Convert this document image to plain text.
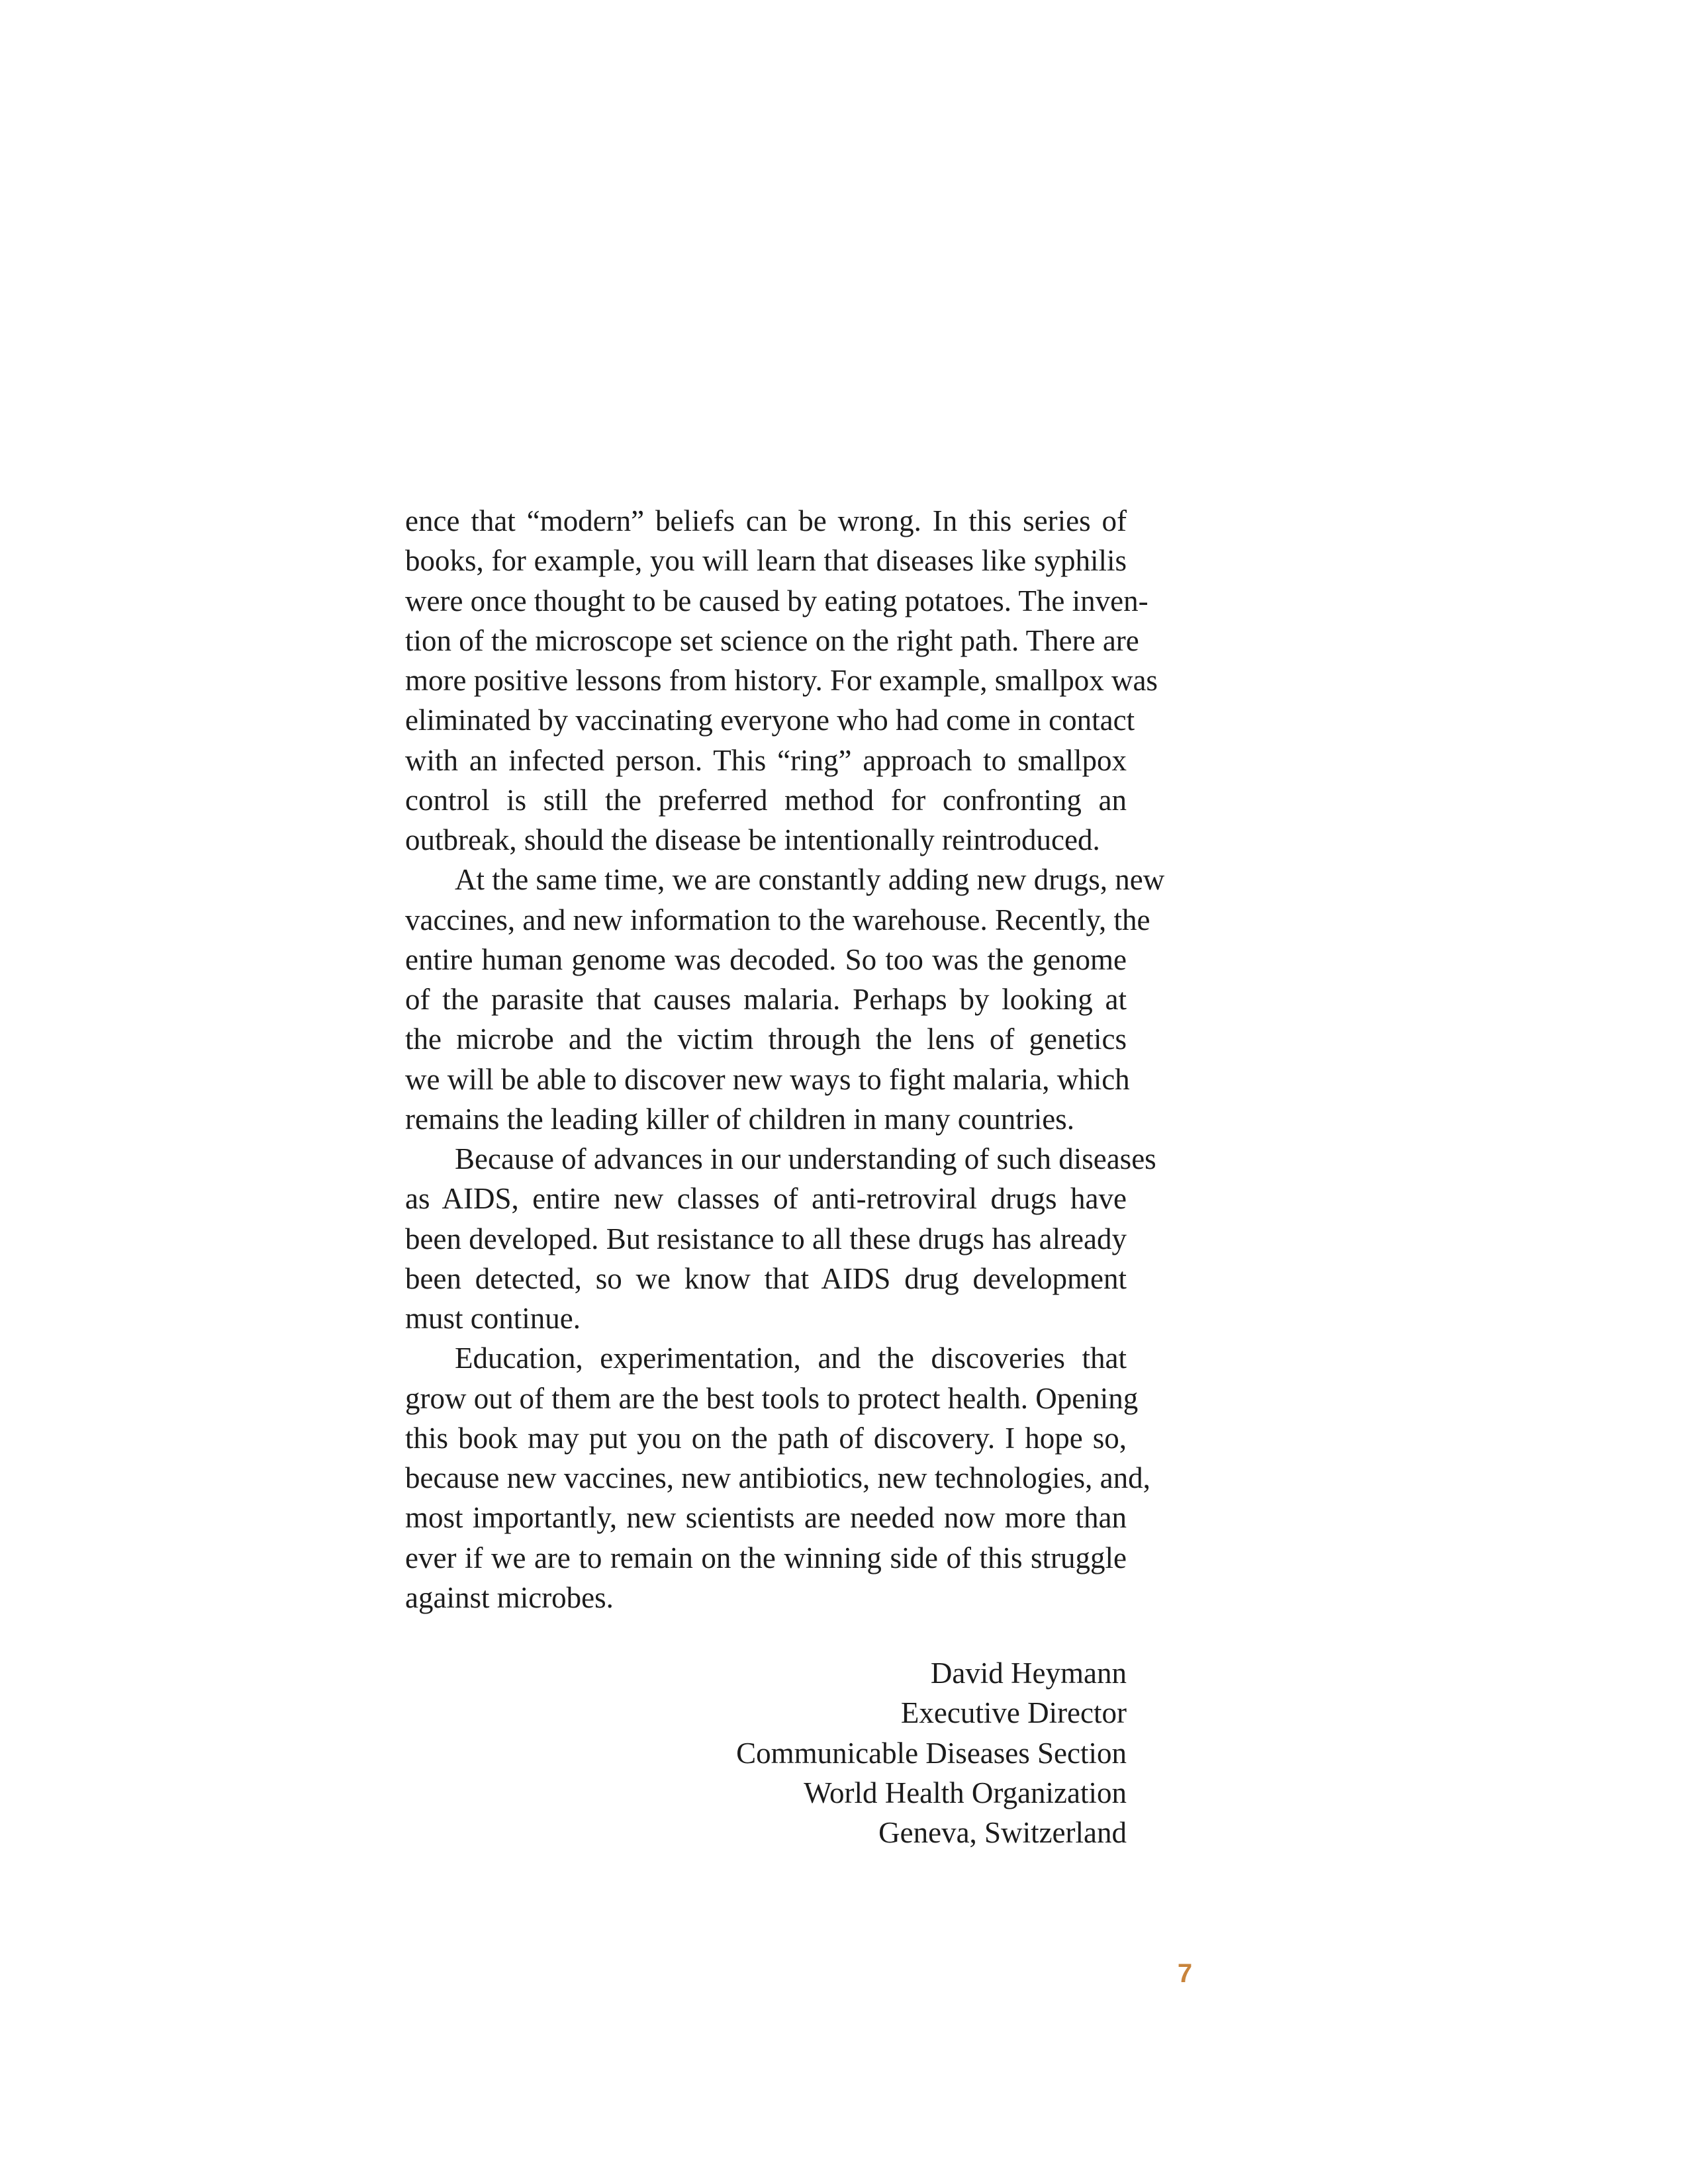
ence that “modern” beliefs can be wrong. In this series of
books, for example, you will learn that diseases like syphilis
were once thought to be caused by eating potatoes. The inven-
tion of the microscope set science on the right path. There are
more positive lessons from history. For example, smallpox was
eliminated by vaccinating everyone who had come in contact
with an infected person. This “ring” approach to smallpox
control is still the preferred method for confronting an
outbreak, should the disease be intentionally reintroduced.
At the same time, we are constantly adding new drugs, new
vaccines, and new information to the warehouse. Recently, the
entire human genome was decoded. So too was the genome
of the parasite that causes malaria. Perhaps by looking at
the microbe and the victim through the lens of genetics
we will be able to discover new ways to fight malaria, which
remains the leading killer of children in many countries.
Because of advances in our understanding of such diseases
as AIDS, entire new classes of anti-retroviral drugs have
been developed. But resistance to all these drugs has already
been detected, so we know that AIDS drug development
must continue.
Education, experimentation, and the discoveries that
grow out of them are the best tools to protect health. Opening
this book may put you on the path of discovery. I hope so,
because new vaccines, new antibiotics, new technologies, and,
most importantly, new scientists are needed now more than
ever if we are to remain on the winning side of this struggle
against microbes.
David Heymann
Executive Director
Communicable Diseases Section
World Health Organization
Geneva, Switzerland
7
